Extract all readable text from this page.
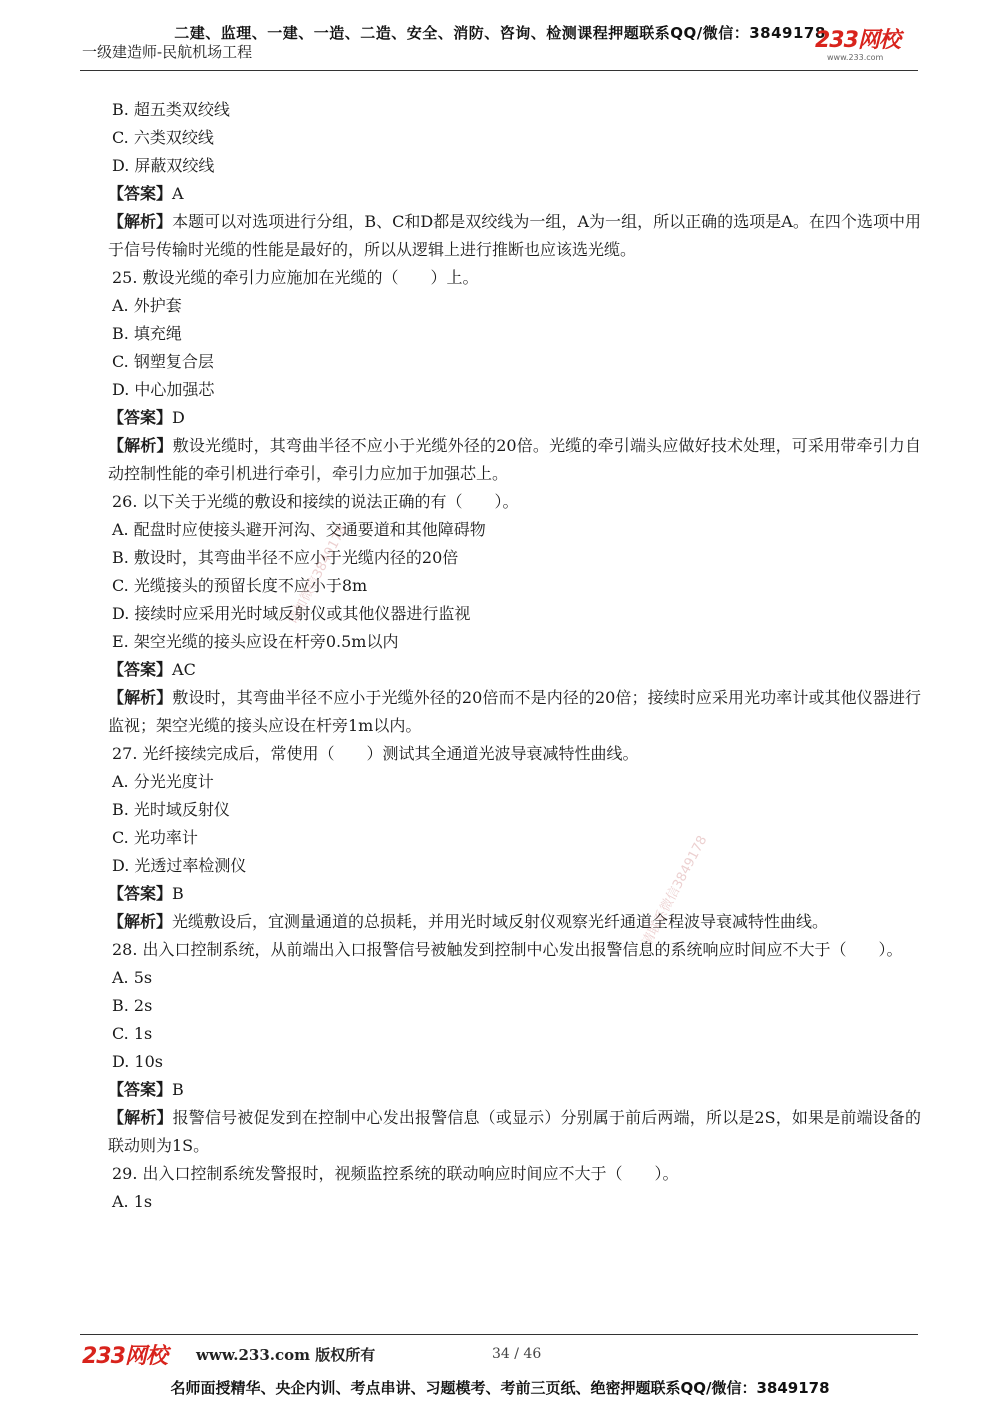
二建、监理、一建、一造、二造、安全、消防、咨询、检测课程押题联系QQ/微信：3849178
一级建造师-民航机场工程	233网校
www.233.com

B. 超五类双绞线

C. 六类双绞线

D. 屏蔽双绞线

【答案】A

【解析】本题可以对选项进行分组，B、C和D都是双绞线为一组，A为一组，所以正确的选项是A。在四个选项中用于信号传输时光缆的性能是最好的，所以从逻辑上进行推断也应该选光缆。

25. 敷设光缆的牵引力应施加在光缆的（　　）上。

A. 外护套

B. 填充绳

C. 钢塑复合层

D. 中心加强芯

【答案】D

【解析】敷设光缆时，其弯曲半径不应小于光缆外径的20倍。光缆的牵引端头应做好技术处理，可采用带牵引力自动控制性能的牵引机进行牵引，牵引力应加于加强芯上。

26. 以下关于光缆的敷设和接续的说法正确的有（　　）。

A. 配盘时应使接头避开河沟、交通要道和其他障碍物

B. 敷设时，其弯曲半径不应小于光缆内径的20倍

C. 光缆接头的预留长度不应小于8m

D. 接续时应采用光时域反射仪或其他仪器进行监视

E. 架空光缆的接头应设在杆旁0.5m以内

【答案】AC

【解析】敷设时，其弯曲半径不应小于光缆外径的20倍而不是内径的20倍；接续时应采用光功率计或其他仪器进行监视；架空光缆的接头应设在杆旁1m以内。

27. 光纤接续完成后，常使用（　　）测试其全通道光波导衰减特性曲线。

A. 分光光度计

B. 光时域反射仪

C. 光功率计

D. 光透过率检测仪

【答案】B

【解析】光缆敷设后，宜测量通道的总损耗，并用光时域反射仪观察光纤通道全程波导衰减特性曲线。

28. 出入口控制系统，从前端出入口报警信号被触发到控制中心发出报警信息的系统响应时间应不大于（　　）。

A. 5s

B. 2s

C. 1s

D. 10s

【答案】B

【解析】报警信号被促发到在控制中心发出报警信息（或显示）分别属于前后两端，所以是2S，如果是前端设备的联动则为1S。

29. 出入口控制系统发警报时，视频监控系统的联动响应时间应不大于（　　）。

A. 1s

请加微信3849178
请联系微信3849178
233网校 www.233.com 版权所有	34 / 46
名师面授精华、央企内训、考点串讲、习题模考、考前三页纸、绝密押题联系QQ/微信：3849178
